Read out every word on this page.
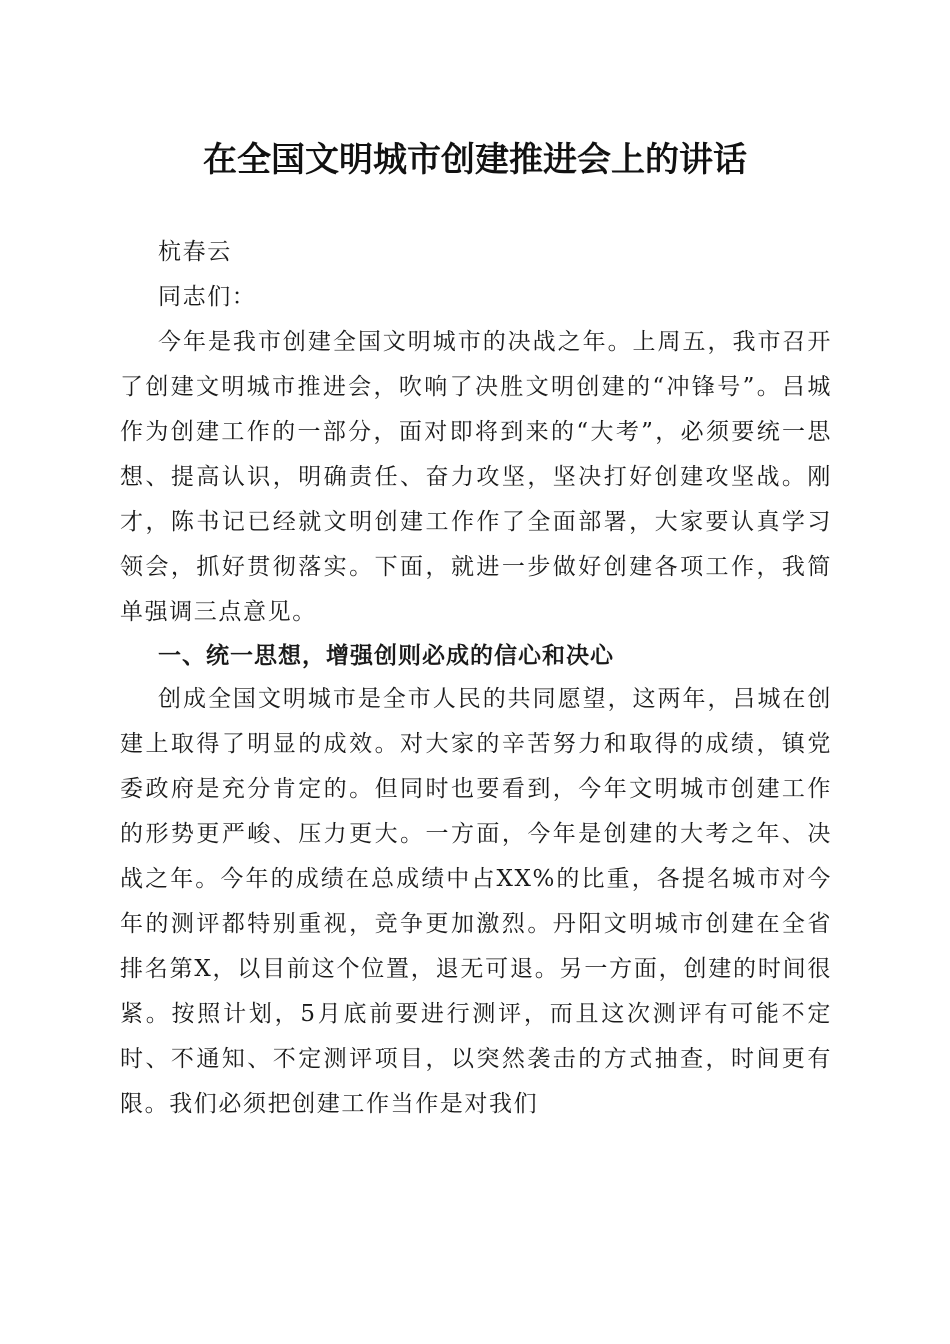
在全国文明城市创建推进会上的讲话
杭春云
同志们：
今年是我市创建全国文明城市的决战之年。上周五，我市召开了创建文明城市推进会，吹响了决胜文明创建的“冲锋号”。吕城作为创建工作的一部分，面对即将到来的“大考”，必须要统一思想、提高认识，明确责任、奋力攻坚，坚决打好创建攻坚战。刚才，陈书记已经就文明创建工作作了全面部署，大家要认真学习领会，抓好贯彻落实。下面，就进一步做好创建各项工作，我简单强调三点意见。
一、统一思想，增强创则必成的信心和决心
创成全国文明城市是全市人民的共同愿望，这两年，吕城在创建上取得了明显的成效。对大家的辛苦努力和取得的成绩，镇党委政府是充分肯定的。但同时也要看到，今年文明城市创建工作的形势更严峻、压力更大。一方面，今年是创建的大考之年、决战之年。今年的成绩在总成绩中占XX%的比重，各提名城市对今年的测评都特别重视，竞争更加激烈。丹阳文明城市创建在全省排名第X，以目前这个位置，退无可退。另一方面，创建的时间很紧。按照计划，5月底前要进行测评，而且这次测评有可能不定时、不通知、不定测评项目，以突然袭击的方式抽查，时间更有限。我们必须把创建工作当作是对我们
